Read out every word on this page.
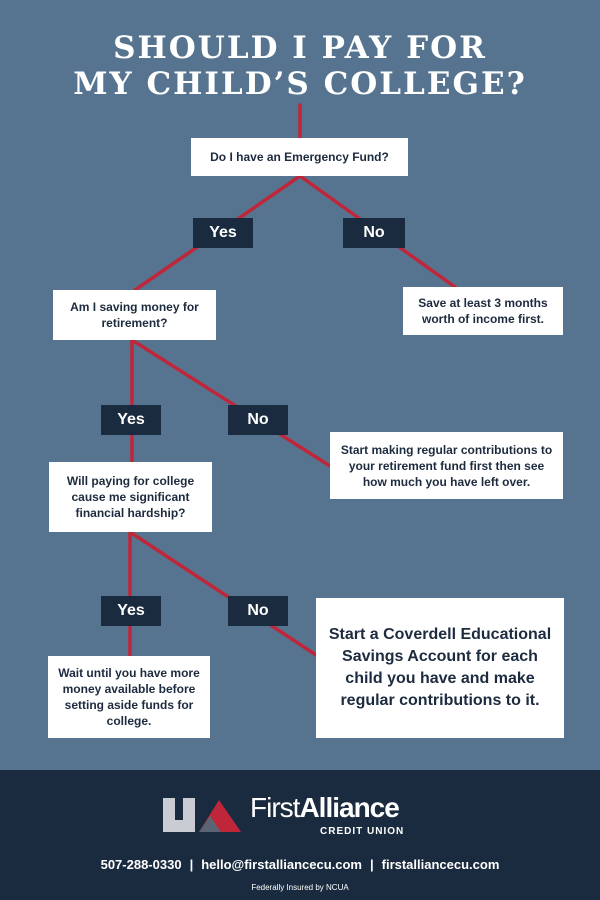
SHOULD I PAY FOR
MY CHILD’S COLLEGE?
Do I have an Emergency Fund?
Yes	No
Am I saving money for retirement?
Save at least 3 months worth of income first.
Yes	No
Start making regular contributions to your retirement fund first then see how much you have left over.
Will paying for college cause me significant financial hardship?
Yes	No
Wait until you have more money available before setting aside funds for college.
Start a Coverdell Educational Savings Account for each child you have and make regular contributions to it.
FirstAlliance
CREDIT UNION
507-288-0330 | hello@firstalliancecu.com | firstalliancecu.com
Federally Insured by NCUA
